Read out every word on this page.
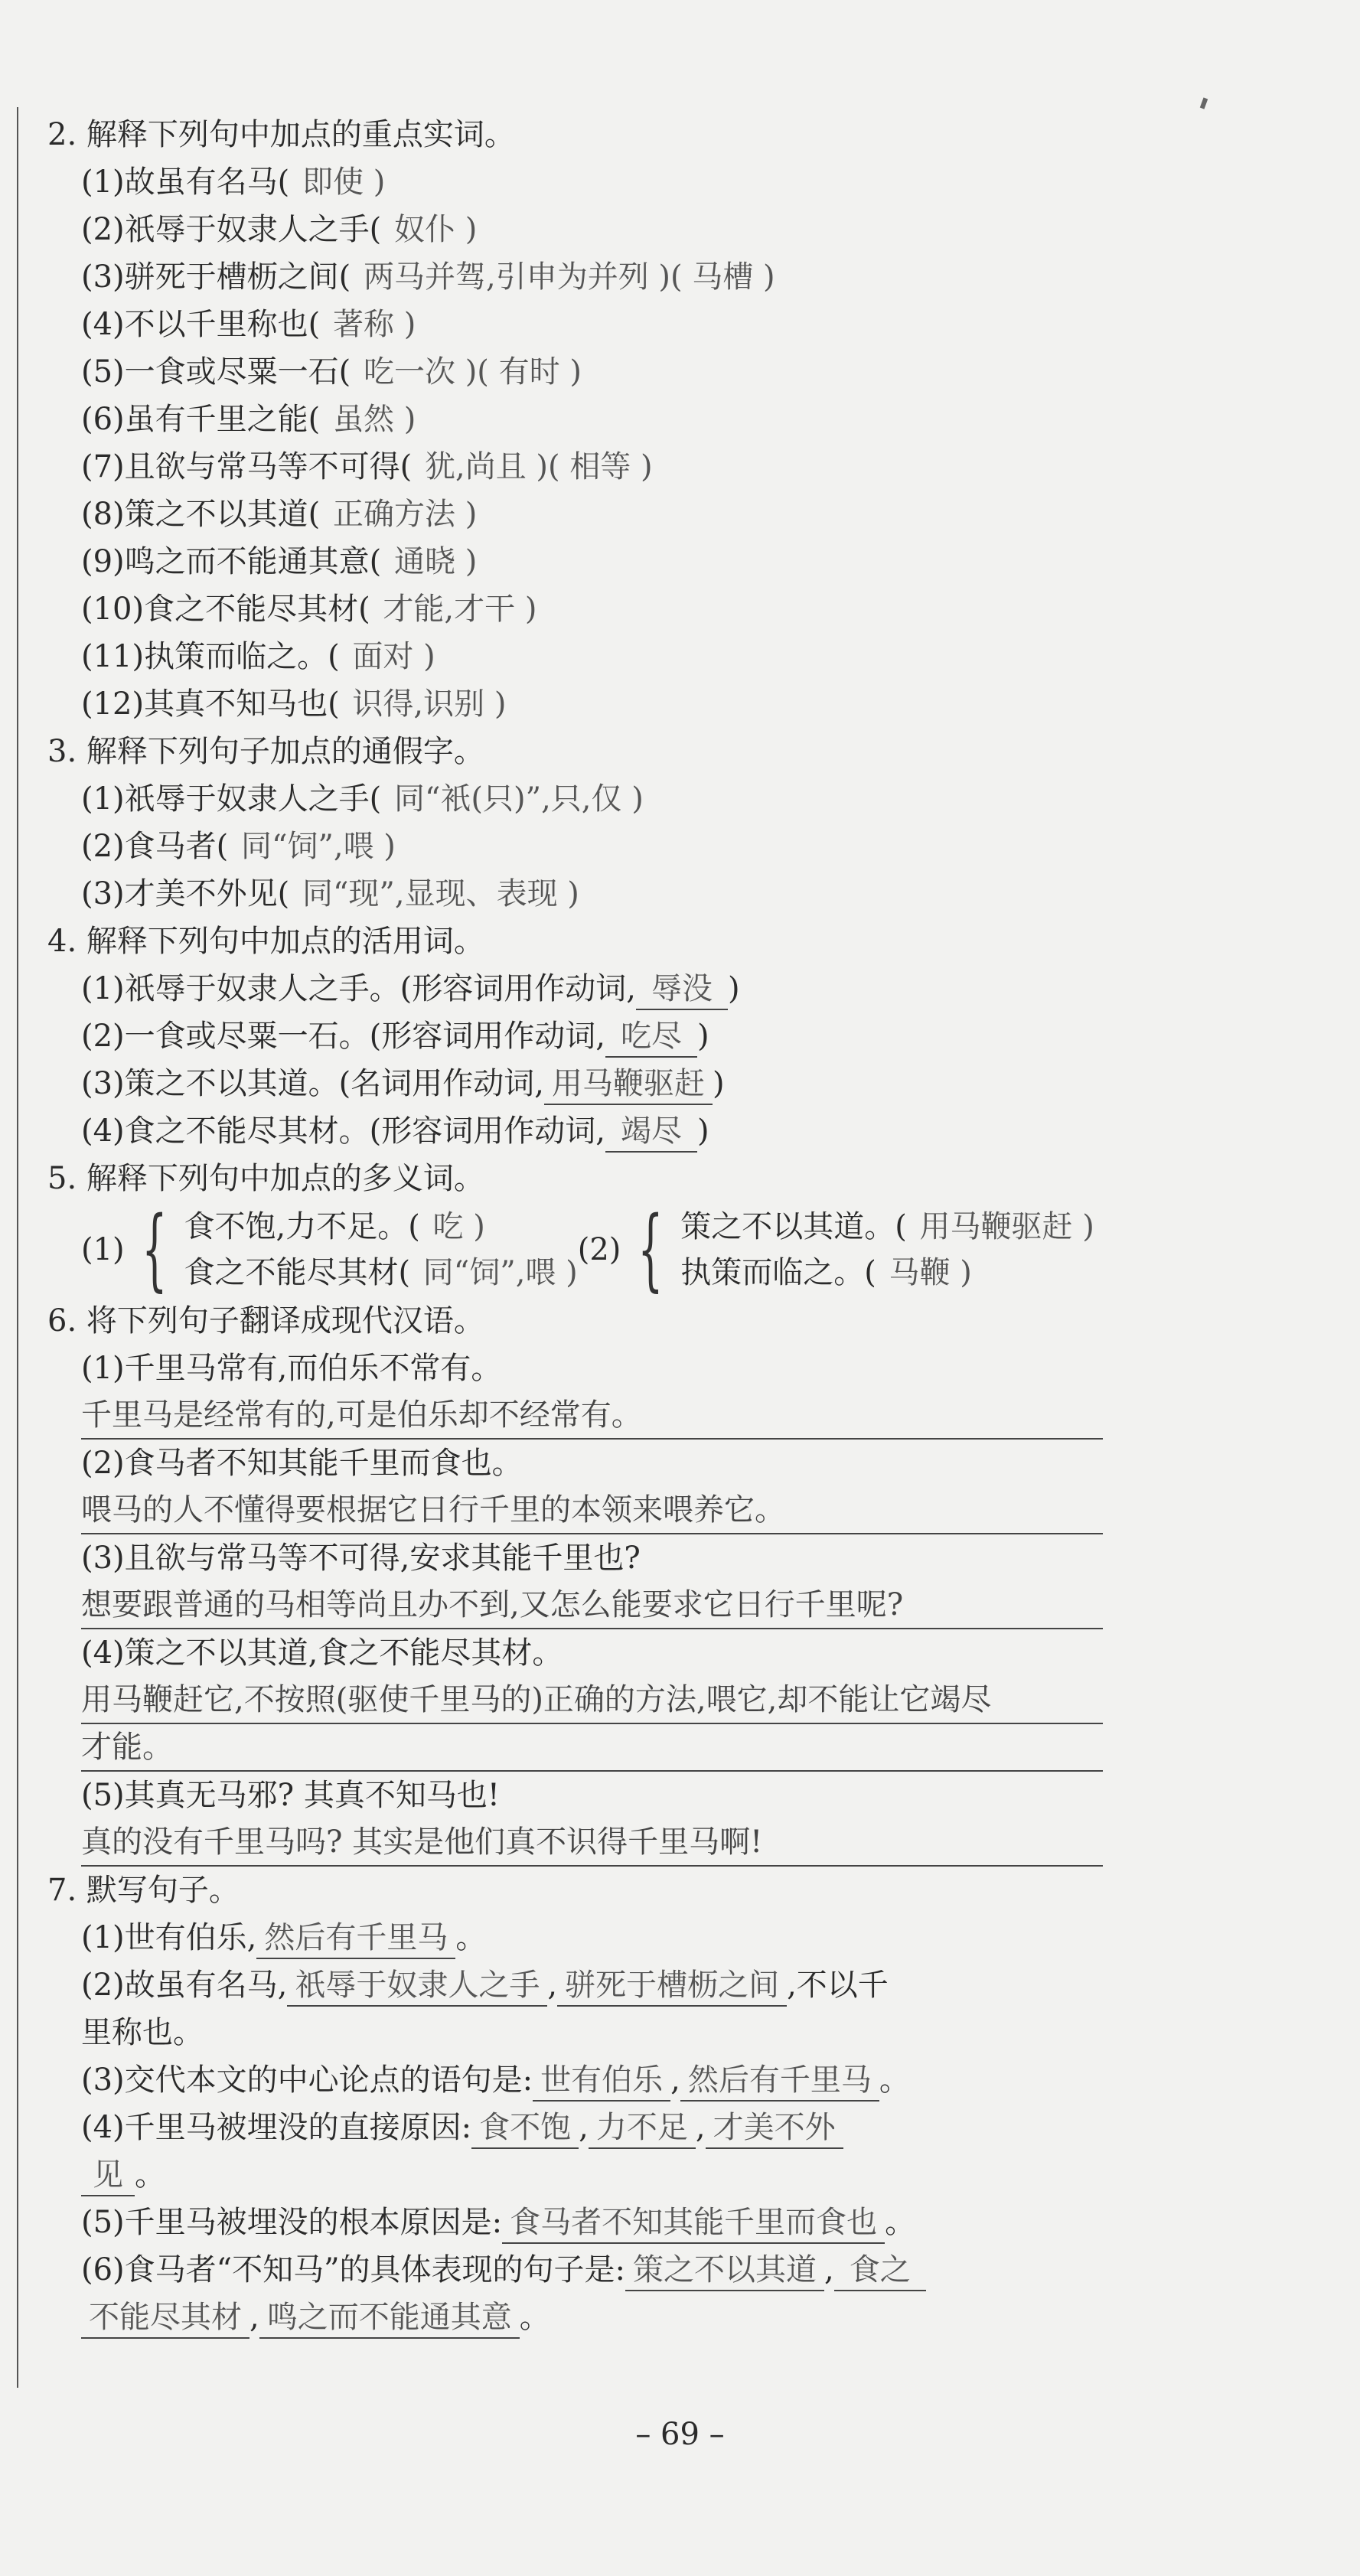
2. 解释下列句中加点的重点实词。
(1)故虽有名马( 即使 )
(2)祇辱于奴隶人之手( 奴仆 )
(3)骈死于槽枥之间( 两马并驾,引申为并列 )( 马槽 )
(4)不以千里称也( 著称 )
(5)一食或尽粟一石( 吃一次 )( 有时 )
(6)虽有千里之能( 虽然 )
(7)且欲与常马等不可得( 犹,尚且 )( 相等 )
(8)策之不以其道( 正确方法 )
(9)鸣之而不能通其意( 通晓 )
(10)食之不能尽其材( 才能,才干 )
(11)执策而临之。( 面对 )
(12)其真不知马也( 识得,识别 )
3. 解释下列句子加点的通假字。
(1)祇辱于奴隶人之手( 同“衹(只)”,只,仅 )
(2)食马者( 同“饲”,喂 )
(3)才美不外见( 同“现”,显现、表现 )
4. 解释下列句中加点的活用词。
(1)祇辱于奴隶人之手。(形容词用作动词, 辱没 )
(2)一食或尽粟一石。(形容词用作动词, 吃尽 )
(3)策之不以其道。(名词用作动词, 用马鞭驱赶 )
(4)食之不能尽其材。(形容词用作动词, 竭尽 )
5. 解释下列句中加点的多义词。
(1) { 食不饱,力不足。( 吃 )
食之不能尽其材( 同“饲”,喂 )
(2) { 策之不以其道。( 用马鞭驱赶 )
执策而临之。( 马鞭 )
6. 将下列句子翻译成现代汉语。
(1)千里马常有,而伯乐不常有。
千里马是经常有的,可是伯乐却不经常有。
(2)食马者不知其能千里而食也。
喂马的人不懂得要根据它日行千里的本领来喂养它。
(3)且欲与常马等不可得,安求其能千里也?
想要跟普通的马相等尚且办不到,又怎么能要求它日行千里呢?
(4)策之不以其道,食之不能尽其材。
用马鞭赶它,不按照(驱使千里马的)正确的方法,喂它,却不能让它竭尽
才能。
(5)其真无马邪? 其真不知马也!
真的没有千里马吗? 其实是他们真不识得千里马啊!
7. 默写句子。
(1)世有伯乐, 然后有千里马 。
(2)故虽有名马, 祇辱于奴隶人之手 , 骈死于槽枥之间 ,不以千
里称也。
(3)交代本文的中心论点的语句是: 世有伯乐 , 然后有千里马 。
(4)千里马被埋没的直接原因: 食不饱 , 力不足 , 才美不外
见 。
(5)千里马被埋没的根本原因是: 食马者不知其能千里而食也 。
(6)食马者“不知马”的具体表现的句子是: 策之不以其道 , 食之
不能尽其材 , 鸣之而不能通其意 。
– 69 –
